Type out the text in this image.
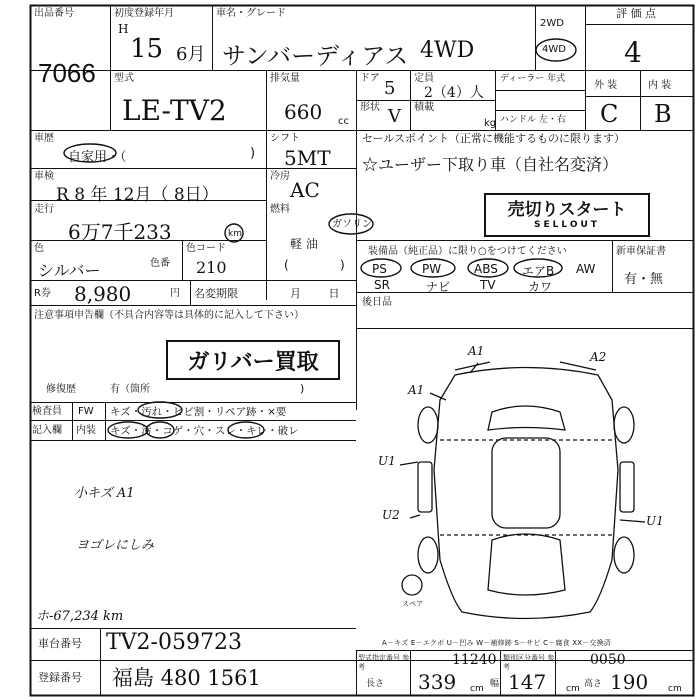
出品番号
7066
初度登録年月
H
15 6月
車名・グレード
サンバーディアス 4WD
2WD
4WD
評 価 点
4
型式
LE-TV2
排気量
660 cc
ドア 5
形状 V
定員
2（4）人
積載
kg
ディーラー 年式
ハンドル 左・右
外 装	内 装
C B
車歴
自家用・（	)
シフト
5MT
車検
R 8 年 12月（ 8日）
冷房
AC
走行
6万7千233	km
燃料
ガソリン
軽 油
(	)
色
シルバー	色番
色コード
210
R券 8,980	円 名変期限	月 日
セールスポイント（正常に機能するものに限ります）
☆ユーザー下取り車（自社名変済）
売切りスタート
SELLOUT
装備品（純正品）に限り○をつけてください	新車保証書
有・無
PS	PW	ABS エアB AW
SR	ナビ TV	カワ
後日品
注意事項申告欄（不具合内容等は具体的に記入して下さい）
ガリバー買取
修復歴	有（箇所	)
検査員
記入欄
FW
内装
キズ・汚れ・ヒビ割・リペア跡・×要
キズ・汚・コゲ・穴・スレ・キレ・破レ
小キズ A1
ヨゴレにしみ
ホ-67,234 km
A1	A2
A1
U1
U2	U1
スペア
A－キズ E－エクボ U－凹み W－補修跡 S－サビ C－腐食 XX－交換済
車台番号 TV2-059723
登録番号 福島 480 1561
型式指定番号 参考	11240 類別区分番号 参考	0050
長さ 339 cm 幅 147 cm 高さ 190 cm
